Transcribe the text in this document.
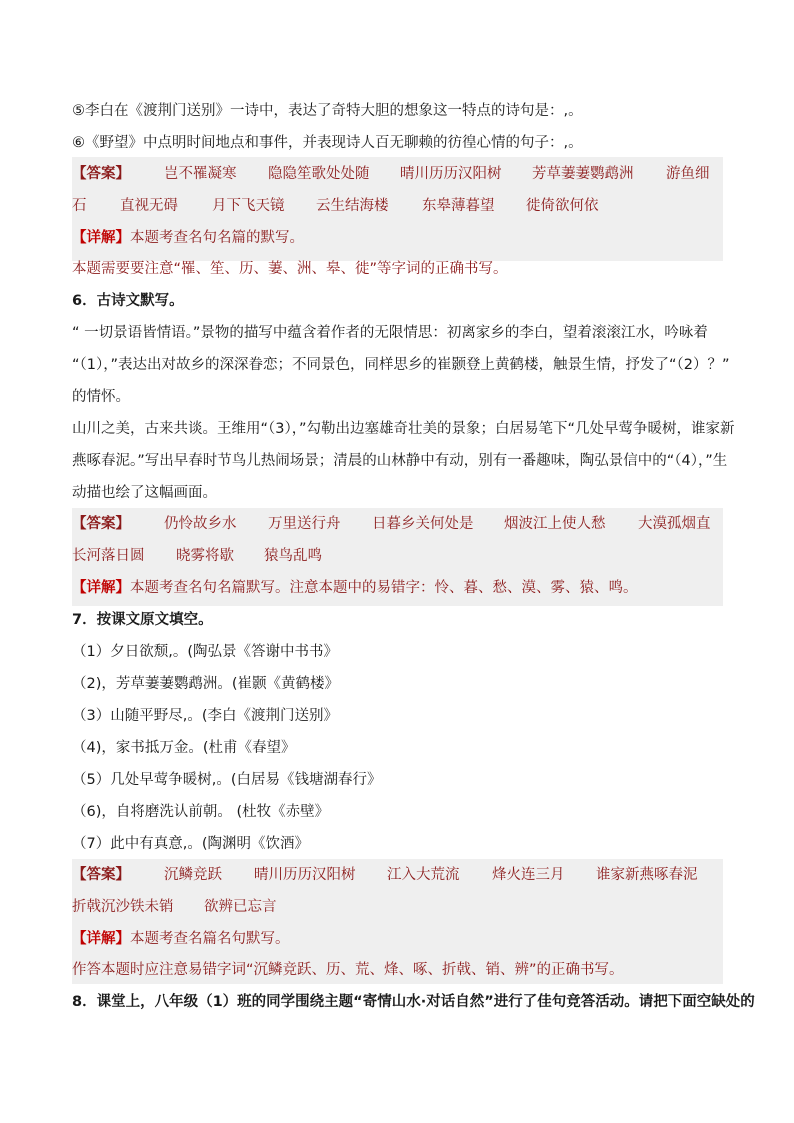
⑤李白在《渡荆门送别》一诗中，表达了奇特大胆的想象这一特点的诗句是：,。
⑥《野望》中点明时间地点和事件，并表现诗人百无聊赖的彷徨心情的句子：,。
【答案】 岂不罹凝寒 隐隐笙歌处处随 晴川历历汉阳树 芳草萋萋鹦鹉洲 游鱼细
石 直视无碍 月下飞天镜 云生结海楼 东皋薄暮望 徙倚欲何依
【详解】本题考查名句名篇的默写。
本题需要要注意“罹、笙、历、萋、洲、皋、徙”等字词的正确书写。
6．古诗文默写。
“ 一切景语皆情语。”景物的描写中蕴含着作者的无限情思：初离家乡的李白，望着滚滚江水，吟咏着
“（1），”表达出对故乡的深深眷恋；不同景色，同样思乡的崔颢登上黄鹤楼，触景生情，抒发了“（2）？”
的情怀。
山川之美，古来共谈。王维用“（3），”勾勒出边塞雄奇壮美的景象；白居易笔下“几处早莺争暖树，谁家新
燕啄春泥。”写出早春时节鸟儿热闹场景；清晨的山林静中有动，别有一番趣味，陶弘景信中的“（4），”生
动描也绘了这幅画面。
【答案】 仍怜故乡水 万里送行舟 日暮乡关何处是 烟波江上使人愁 大漠孤烟直
长河落日圆 晓雾将歇 猿鸟乱鸣
【详解】本题考查名句名篇默写。注意本题中的易错字：怜、暮、愁、漠、雾、猿、鸣。
7．按课文原文填空。
（1）夕日欲颓,。(陶弘景《答谢中书书》
（2)，芳草萋萋鹦鹉洲。(崔颢《黄鹤楼》
（3）山随平野尽,。(李白《渡荆门送别》
（4)，家书抵万金。(杜甫《春望》
（5）几处早莺争暖树,。(白居易《钱塘湖春行》
（6)，自将磨洗认前朝。 (杜牧《赤壁》
（7）此中有真意,。(陶渊明《饮酒》
【答案】 沉鳞竞跃 晴川历历汉阳树 江入大荒流 烽火连三月 谁家新燕啄春泥
折戟沉沙铁未销 欲辨已忘言
【详解】本题考查名篇名句默写。
作答本题时应注意易错字词“沉鳞竞跃、历、荒、烽、啄、折戟、销、辨”的正确书写。
8．课堂上，八年级（1）班的同学围绕主题“寄情山水·对话自然”进行了佳句竞答活动。请把下面空缺处的
